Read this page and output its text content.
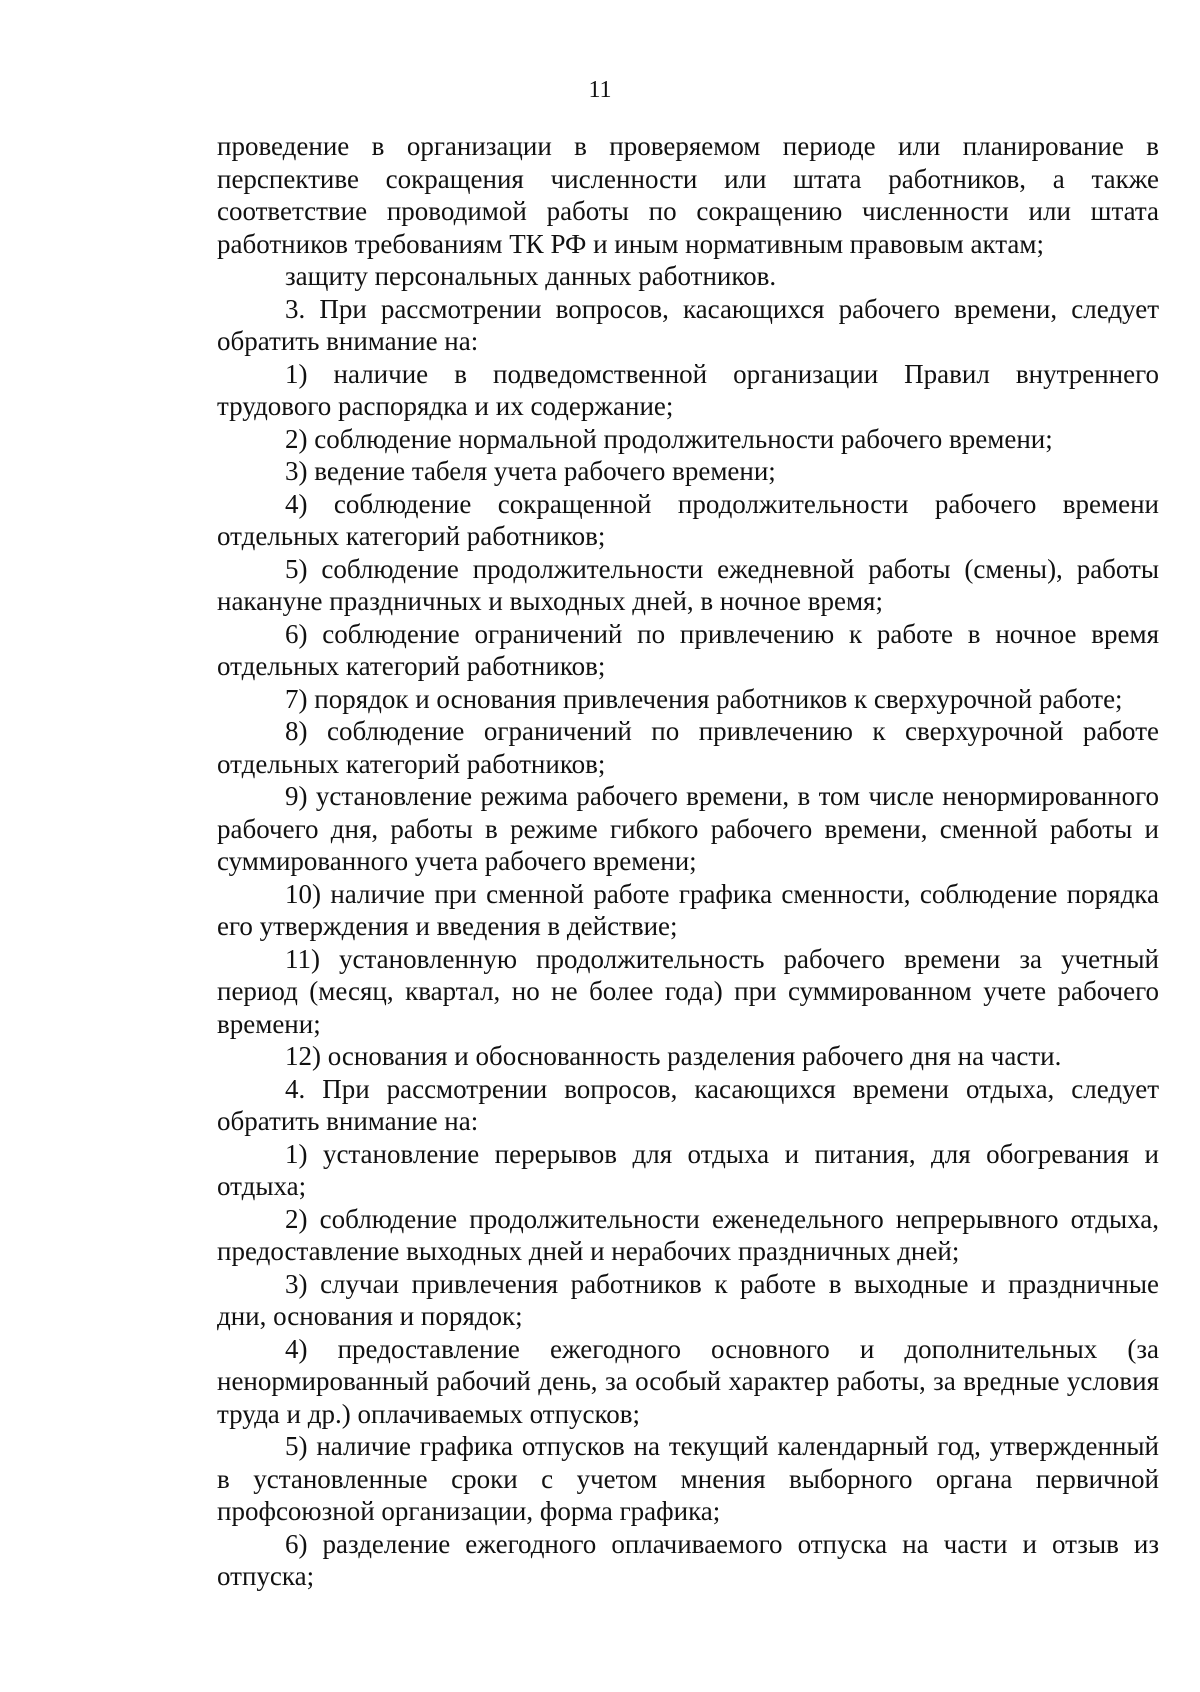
11

проведение в организации в проверяемом периоде или планирование в перспективе сокращения численности или штата работников, а также соответствие проводимой работы по сокращению численности или штата работников требованиям ТК РФ и иным нормативным правовым актам;

защиту персональных данных работников.

3. При рассмотрении вопросов, касающихся рабочего времени, следует обратить внимание на:

1) наличие в подведомственной организации Правил внутреннего трудового распорядка и их содержание;

2) соблюдение нормальной продолжительности рабочего времени;

3) ведение табеля учета рабочего времени;

4) соблюдение сокращенной продолжительности рабочего времени отдельных категорий работников;

5) соблюдение продолжительности ежедневной работы (смены), работы накануне праздничных и выходных дней, в ночное время;

6) соблюдение ограничений по привлечению к работе в ночное время отдельных категорий работников;

7) порядок и основания привлечения работников к сверхурочной работе;

8) соблюдение ограничений по привлечению к сверхурочной работе отдельных категорий работников;

9) установление режима рабочего времени, в том числе ненормированного рабочего дня, работы в режиме гибкого рабочего времени, сменной работы и суммированного учета рабочего времени;

10) наличие при сменной работе графика сменности, соблюдение порядка его утверждения и введения в действие;

11) установленную продолжительность рабочего времени за учетный период (месяц, квартал, но не более года) при суммированном учете рабочего времени;

12) основания и обоснованность разделения рабочего дня на части.

4. При рассмотрении вопросов, касающихся времени отдыха, следует обратить внимание на:

1) установление перерывов для отдыха и питания, для обогревания и отдыха;

2) соблюдение продолжительности еженедельного непрерывного отдыха, предоставление выходных дней и нерабочих праздничных дней;

3) случаи привлечения работников к работе в выходные и праздничные дни, основания и порядок;

4) предоставление ежегодного основного и дополнительных (за ненормированный рабочий день, за особый характер работы, за вредные условия труда и др.) оплачиваемых отпусков;

5) наличие графика отпусков на текущий календарный год, утвержденный в установленные сроки с учетом мнения выборного органа первичной профсоюзной организации, форма графика;

6) разделение ежегодного оплачиваемого отпуска на части и отзыв из отпуска;
